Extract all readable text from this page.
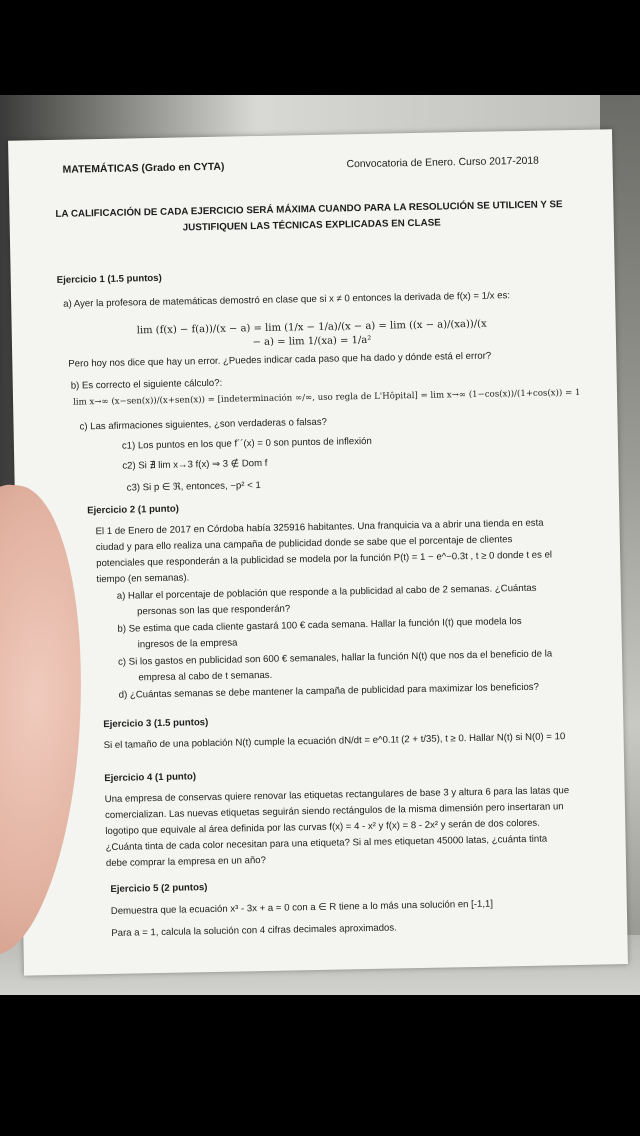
MATEMÁTICAS (Grado en CYTA)	Convocatoria de Enero. Curso 2017-2018
LA CALIFICACIÓN DE CADA EJERCICIO SERÁ MÁXIMA CUANDO PARA LA RESOLUCIÓN SE UTILICEN Y SE
JUSTIFIQUEN LAS TÉCNICAS EXPLICADAS EN CLASE
Ejercicio 1 (1.5 puntos)
a) Ayer la profesora de matemáticas demostró en clase que si x ≠ 0 entonces la derivada de f(x) = 1/x es:
lim (f(x) − f(a))/(x − a) = lim (1/x − 1/a)/(x − a) = lim ((x − a)/(xa))/(x − a) = lim 1/(xa) = 1/a²
Pero hoy nos dice que hay un error. ¿Puedes indicar cada paso que ha dado y dónde está el error?
b) Es correcto el siguiente cálculo?:
lim x→∞ (x−sen(x))/(x+sen(x)) = [indeterminación ∞/∞, uso regla de L'Hôpital] = lim x→∞ (1−cos(x))/(1+cos(x)) = 1
c) Las afirmaciones siguientes, ¿son verdaderas o falsas?
c1) Los puntos en los que f´´(x) = 0 son puntos de inflexión
c2) Si ∄ lim x→3 f(x) ⇒ 3 ∉ Dom f
c3) Si p ∈ ℜ, entonces, −p² < 1
Ejercicio 2 (1 punto)
El 1 de Enero de 2017 en Córdoba había 325916 habitantes. Una franquicia va a abrir una tienda en esta
ciudad y para ello realiza una campaña de publicidad donde se sabe que el porcentaje de clientes
potenciales que responderán a la publicidad se modela por la función P(t) = 1 − e^−0.3t , t ≥ 0 donde t es el
tiempo (en semanas).
a) Hallar el porcentaje de población que responde a la publicidad al cabo de 2 semanas. ¿Cuántas
personas son las que responderán?
b) Se estima que cada cliente gastará 100 € cada semana. Hallar la función I(t) que modela los
ingresos de la empresa
c) Si los gastos en publicidad son 600 € semanales, hallar la función N(t) que nos da el beneficio de la
empresa al cabo de t semanas.
d) ¿Cuántas semanas se debe mantener la campaña de publicidad para maximizar los beneficios?
Ejercicio 3 (1.5 puntos)
Si el tamaño de una población N(t) cumple la ecuación dN/dt = e^0.1t (2 + t/35), t ≥ 0. Hallar N(t) si N(0) = 10
Ejercicio 4 (1 punto)
Una empresa de conservas quiere renovar las etiquetas rectangulares de base 3 y altura 6 para las latas que
comercializan. Las nuevas etiquetas seguirán siendo rectángulos de la misma dimensión pero insertaran un
logotipo que equivale al área definida por las curvas f(x) = 4 - x² y f(x) = 8 - 2x² y serán de dos colores.
¿Cuánta tinta de cada color necesitan para una etiqueta? Si al mes etiquetan 45000 latas, ¿cuánta tinta
debe comprar la empresa en un año?
Ejercicio 5 (2 puntos)
Demuestra que la ecuación x³ - 3x + a = 0 con a ∈ R tiene a lo más una solución en [-1,1]
Para a = 1, calcula la solución con 4 cifras decimales aproximados.
